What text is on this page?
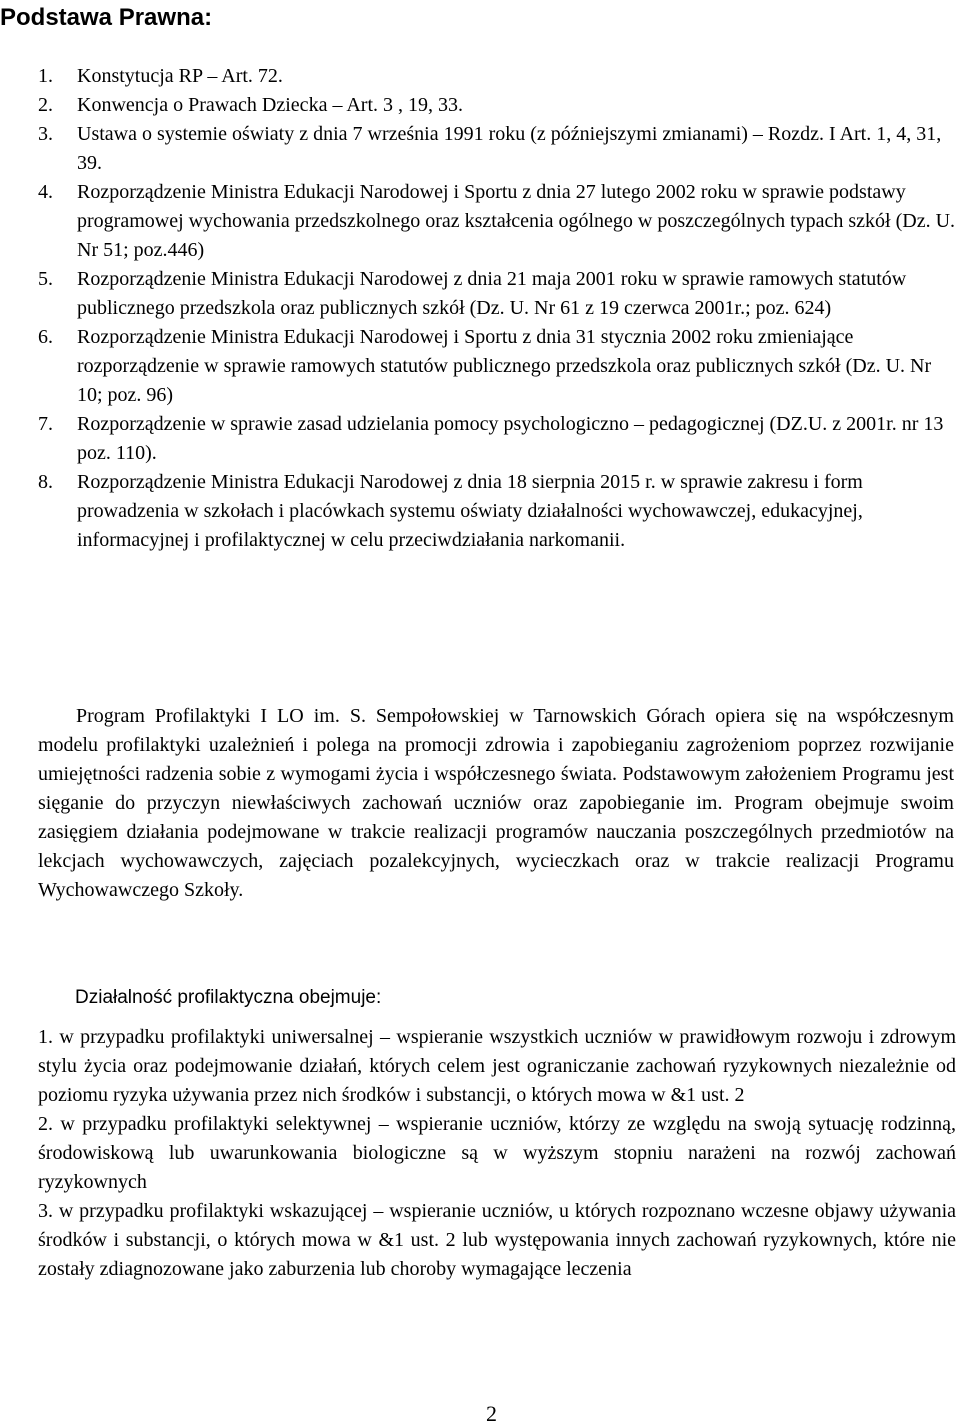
Podstawa Prawna:
1. Konstytucja RP – Art. 72.
2. Konwencja o Prawach Dziecka – Art. 3 , 19, 33.
3. Ustawa o systemie oświaty z dnia 7 września 1991 roku (z późniejszymi zmianami) – Rozdz. I Art. 1, 4, 31, 39.
4. Rozporządzenie Ministra Edukacji Narodowej i Sportu z dnia 27 lutego 2002 roku w sprawie podstawy programowej wychowania przedszkolnego oraz kształcenia ogólnego w poszczególnych typach szkół (Dz. U. Nr 51; poz.446)
5. Rozporządzenie Ministra Edukacji Narodowej z dnia 21 maja 2001 roku w sprawie ramowych statutów publicznego przedszkola oraz publicznych szkół (Dz. U. Nr 61 z 19 czerwca 2001r.; poz. 624)
6. Rozporządzenie Ministra Edukacji Narodowej i Sportu z dnia 31 stycznia 2002 roku zmieniające rozporządzenie w sprawie ramowych statutów publicznego przedszkola oraz publicznych szkół (Dz. U. Nr 10; poz. 96)
7. Rozporządzenie w sprawie zasad udzielania pomocy psychologiczno – pedagogicznej (DZ.U. z 2001r. nr 13 poz. 110).
8. Rozporządzenie Ministra Edukacji Narodowej z dnia 18 sierpnia 2015 r. w sprawie zakresu i form prowadzenia w szkołach i placówkach systemu oświaty działalności wychowawczej, edukacyjnej, informacyjnej i profilaktycznej w celu przeciwdziałania narkomanii.

Program Profilaktyki I LO im. S. Sempołowskiej w Tarnowskich Górach opiera się na współczesnym modelu profilaktyki uzależnień i polega na promocji zdrowia i zapobieganiu zagrożeniom poprzez rozwijanie umiejętności radzenia sobie z wymogami życia i współczesnego świata. Podstawowym założeniem Programu jest sięganie do przyczyn niewłaściwych zachowań uczniów oraz zapobieganie im. Program obejmuje swoim zasięgiem działania podejmowane w trakcie realizacji programów nauczania poszczególnych przedmiotów na lekcjach wychowawczych, zajęciach pozalekcyjnych, wycieczkach oraz w trakcie realizacji Programu Wychowawczego Szkoły.

Działalność profilaktyczna obejmuje:

1. w przypadku profilaktyki uniwersalnej – wspieranie wszystkich uczniów w prawidłowym rozwoju i zdrowym stylu życia oraz podejmowanie działań, których celem jest ograniczanie zachowań ryzykownych niezależnie od poziomu ryzyka używania przez nich środków i substancji, o których mowa w &1 ust. 2
2. w przypadku profilaktyki selektywnej – wspieranie uczniów, którzy ze względu na swoją sytuację rodzinną, środowiskową lub uwarunkowania biologiczne są w wyższym stopniu narażeni na rozwój zachowań ryzykownych
3. w przypadku profilaktyki wskazującej – wspieranie uczniów, u których rozpoznano wczesne objawy używania środków i substancji, o których mowa w &1 ust. 2 lub występowania innych zachowań ryzykownych, które nie zostały zdiagnozowane jako zaburzenia lub choroby wymagające leczenia
2
